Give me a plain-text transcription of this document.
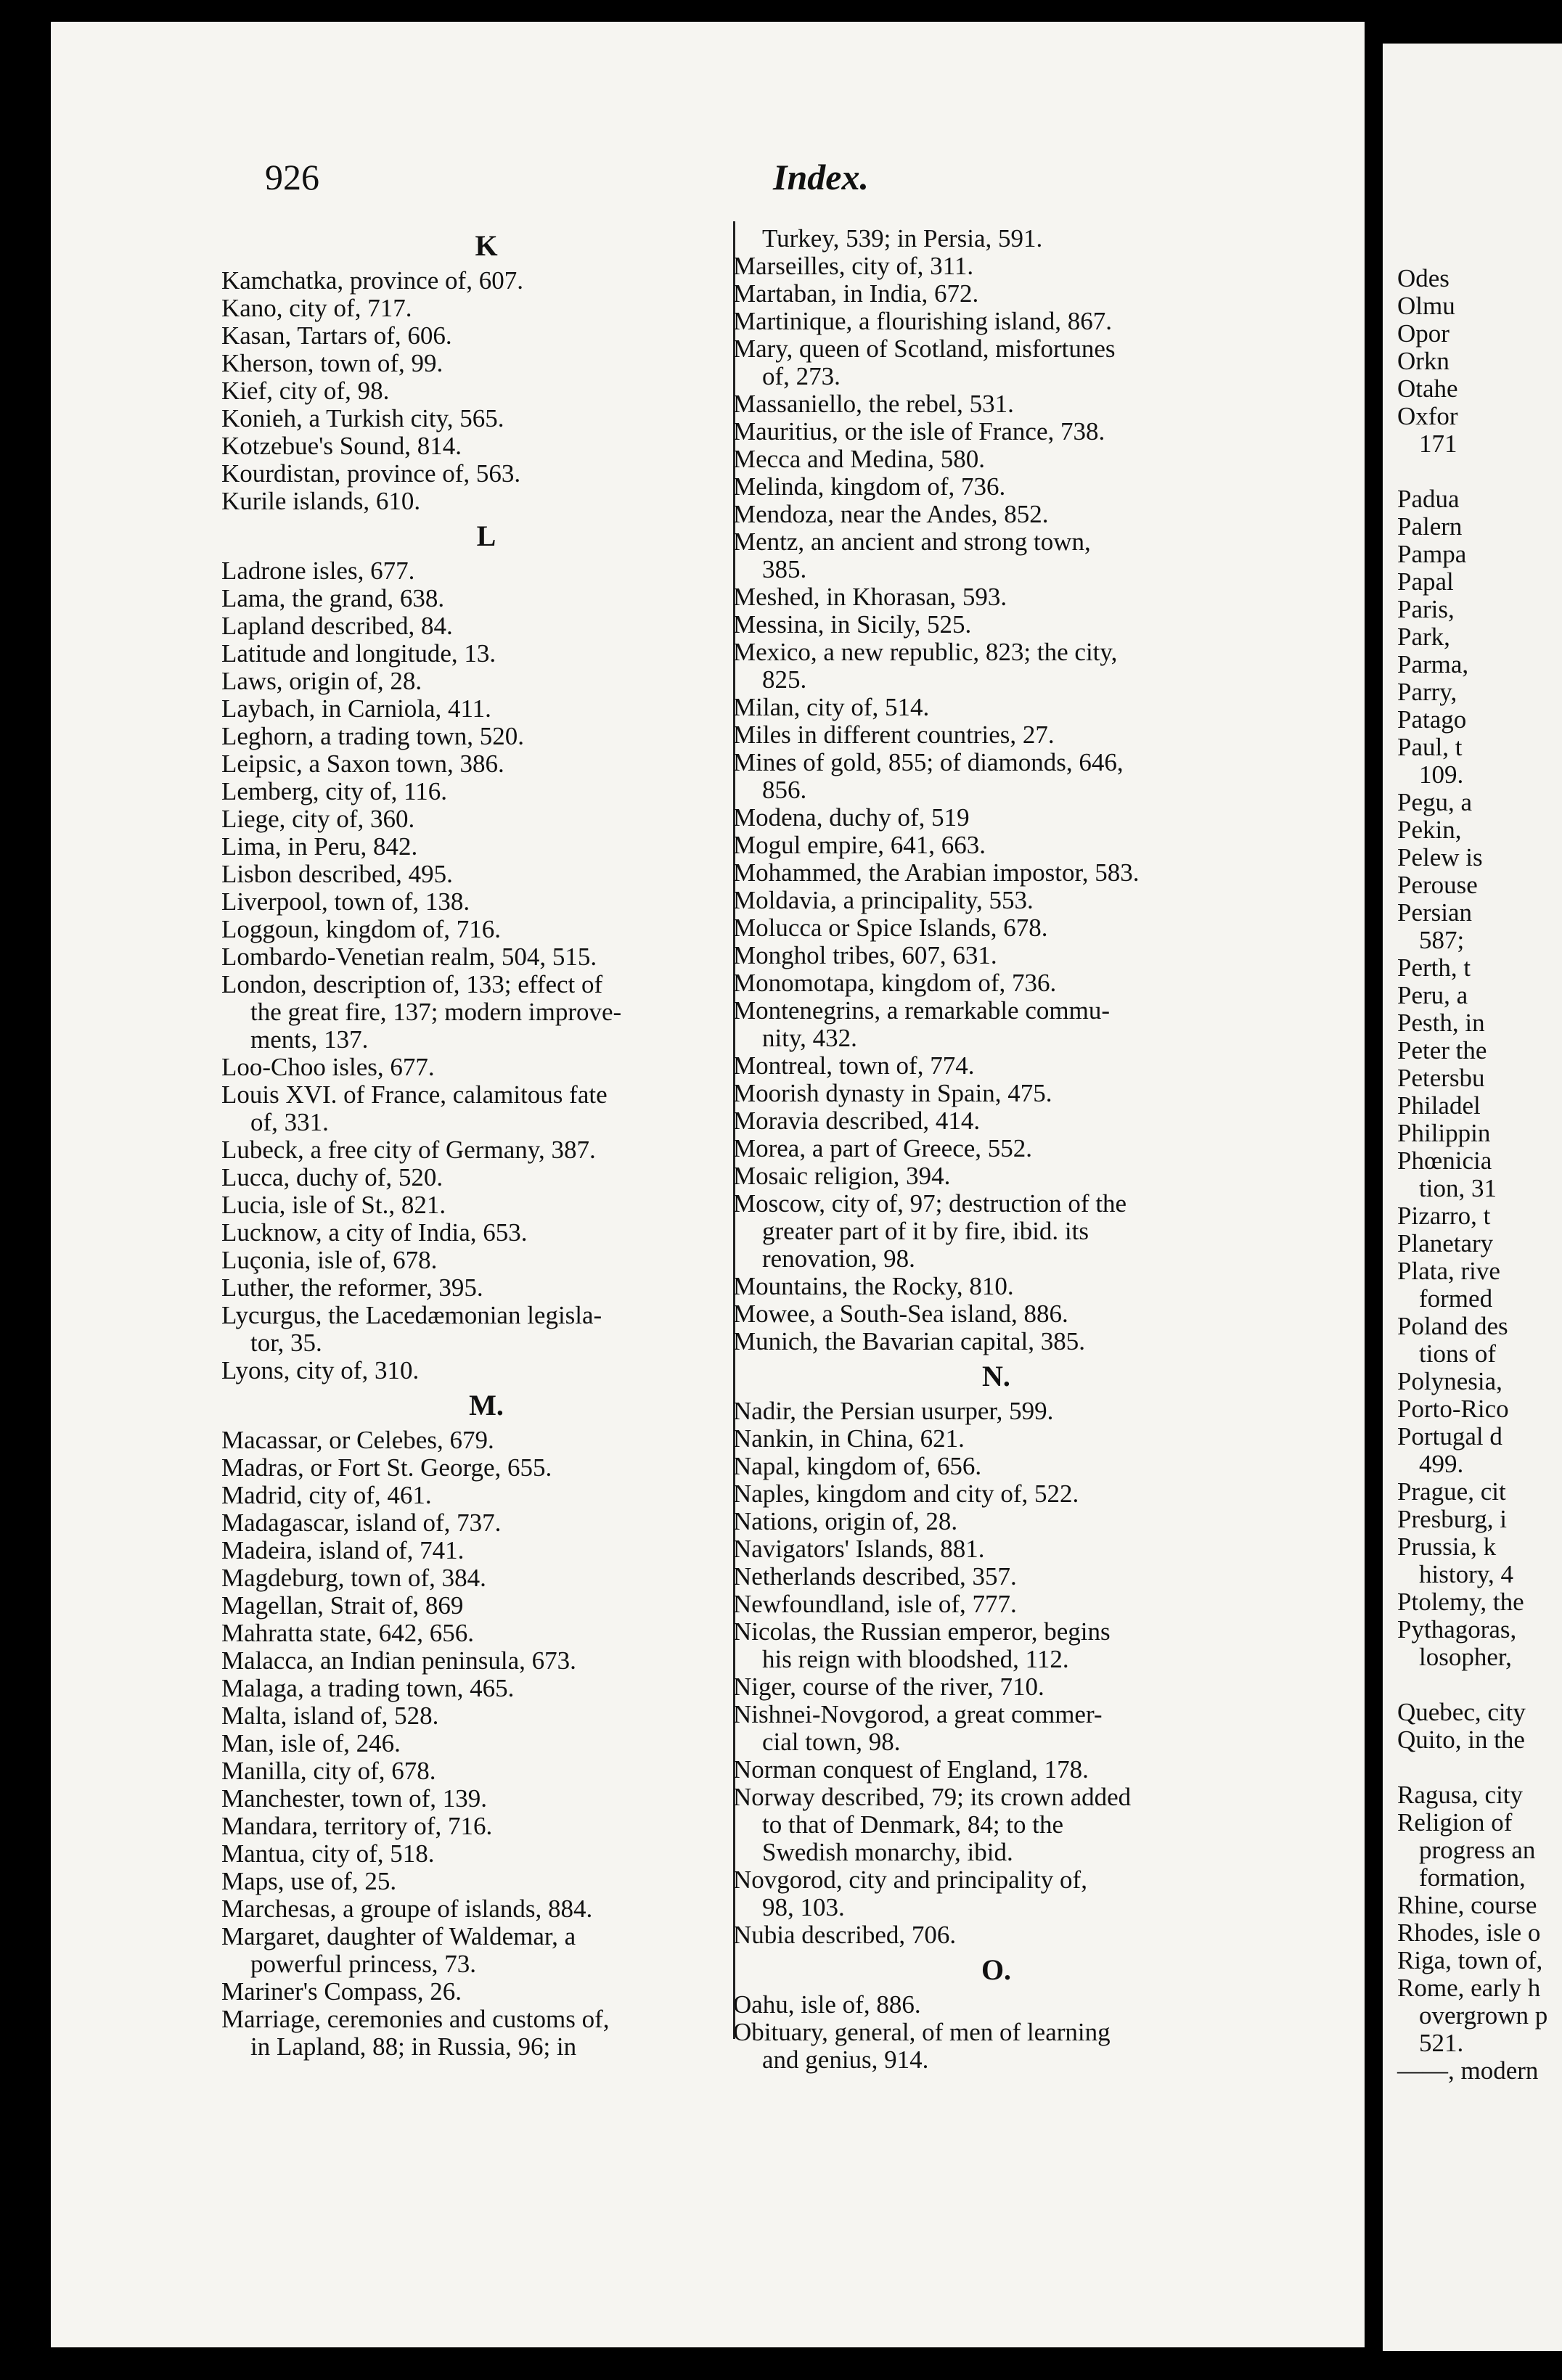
926	Index.
K
Kamchatka, province of, 607.
Kano, city of, 717.
Kasan, Tartars of, 606.
Kherson, town of, 99.
Kief, city of, 98.
Konieh, a Turkish city, 565.
Kotzebue's Sound, 814.
Kourdistan, province of, 563.
Kurile islands, 610.
L
Ladrone isles, 677.
Lama, the grand, 638.
Lapland described, 84.
Latitude and longitude, 13.
Laws, origin of, 28.
Laybach, in Carniola, 411.
Leghorn, a trading town, 520.
Leipsic, a Saxon town, 386.
Lemberg, city of, 116.
Liege, city of, 360.
Lima, in Peru, 842.
Lisbon described, 495.
Liverpool, town of, 138.
Loggoun, kingdom of, 716.
Lombardo-Venetian realm, 504, 515.
London, description of, 133; effect of
the great fire, 137; modern improve-
ments, 137.
Loo-Choo isles, 677.
Louis XVI. of France, calamitous fate
of, 331.
Lubeck, a free city of Germany, 387.
Lucca, duchy of, 520.
Lucia, isle of St., 821.
Lucknow, a city of India, 653.
Luçonia, isle of, 678.
Luther, the reformer, 395.
Lycurgus, the Lacedæmonian legisla-
tor, 35.
Lyons, city of, 310.
M.
Macassar, or Celebes, 679.
Madras, or Fort St. George, 655.
Madrid, city of, 461.
Madagascar, island of, 737.
Madeira, island of, 741.
Magdeburg, town of, 384.
Magellan, Strait of, 869
Mahratta state, 642, 656.
Malacca, an Indian peninsula, 673.
Malaga, a trading town, 465.
Malta, island of, 528.
Man, isle of, 246.
Manilla, city of, 678.
Manchester, town of, 139.
Mandara, territory of, 716.
Mantua, city of, 518.
Maps, use of, 25.
Marchesas, a groupe of islands, 884.
Margaret, daughter of Waldemar, a
powerful princess, 73.
Mariner's Compass, 26.
Marriage, ceremonies and customs of,
in Lapland, 88; in Russia, 96; in
Turkey, 539; in Persia, 591.
Marseilles, city of, 311.
Martaban, in India, 672.
Martinique, a flourishing island, 867.
Mary, queen of Scotland, misfortunes
of, 273.
Massaniello, the rebel, 531.
Mauritius, or the isle of France, 738.
Mecca and Medina, 580.
Melinda, kingdom of, 736.
Mendoza, near the Andes, 852.
Mentz, an ancient and strong town,
385.
Meshed, in Khorasan, 593.
Messina, in Sicily, 525.
Mexico, a new republic, 823; the city,
825.
Milan, city of, 514.
Miles in different countries, 27.
Mines of gold, 855; of diamonds, 646,
856.
Modena, duchy of, 519
Mogul empire, 641, 663.
Mohammed, the Arabian impostor, 583.
Moldavia, a principality, 553.
Molucca or Spice Islands, 678.
Monghol tribes, 607, 631.
Monomotapa, kingdom of, 736.
Montenegrins, a remarkable commu-
nity, 432.
Montreal, town of, 774.
Moorish dynasty in Spain, 475.
Moravia described, 414.
Morea, a part of Greece, 552.
Mosaic religion, 394.
Moscow, city of, 97; destruction of the
greater part of it by fire, ibid. its
renovation, 98.
Mountains, the Rocky, 810.
Mowee, a South-Sea island, 886.
Munich, the Bavarian capital, 385.
N.
Nadir, the Persian usurper, 599.
Nankin, in China, 621.
Napal, kingdom of, 656.
Naples, kingdom and city of, 522.
Nations, origin of, 28.
Navigators' Islands, 881.
Netherlands described, 357.
Newfoundland, isle of, 777.
Nicolas, the Russian emperor, begins
his reign with bloodshed, 112.
Niger, course of the river, 710.
Nishnei-Novgorod, a great commer-
cial town, 98.
Norman conquest of England, 178.
Norway described, 79; its crown added
to that of Denmark, 84; to the
Swedish monarchy, ibid.
Novgorod, city and principality of,
98, 103.
Nubia described, 706.
O.
Oahu, isle of, 886.
Obituary, general, of men of learning
and genius, 914.
Odes
Olmu
Opor
Orkn
Otahe
Oxfor
171
Padua
Palern
Pampa
Papal
Paris,
Park,
Parma,
Parry,
Patago
Paul, t
109.
Pegu, a
Pekin,
Pelew is
Perouse
Persian
587;
Perth, t
Peru, a
Pesth, in
Peter the
Petersbu
Philadel
Philippin
Phœnicia
tion, 31
Pizarro, t
Planetary
Plata, rive
formed
Poland des
tions of
Polynesia,
Porto-Rico
Portugal d
499.
Prague, cit
Presburg, i
Prussia, k
history, 4
Ptolemy, the
Pythagoras,
losopher,
Quebec, city
Quito, in the
Ragusa, city
Religion of
progress an
formation,
Rhine, course
Rhodes, isle o
Riga, town of,
Rome, early h
overgrown p
521.
——, modern
